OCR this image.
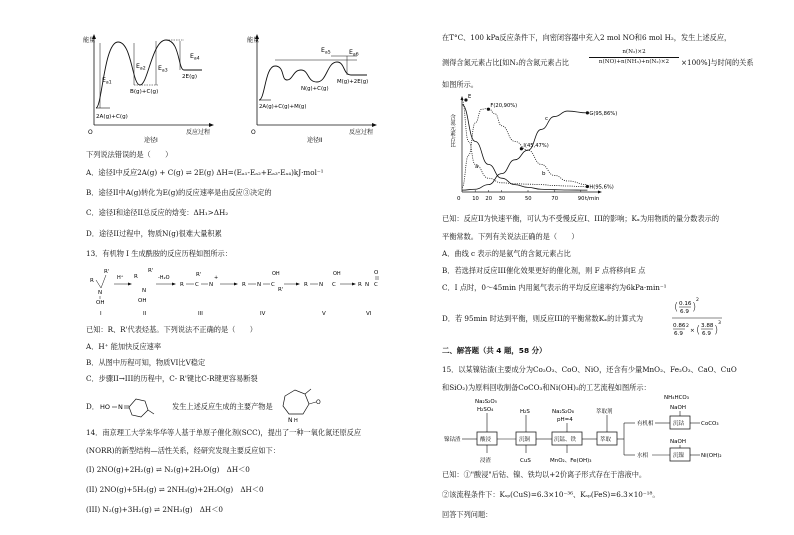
能量
O	反应过程
$E_{a1}$
$E_{a2}$ $E_{a3}$
$E_{a4}$
2A(g)+C(g)
B(g)+C(g)
2E(g)
途径I
能量
O	反应过程
$E_{a5}$	$E_{a6}$
2A(g)+C(g)+M(g)
N(g)+C(g)
M(g)+2E(g)
途径II
下列说法错误的是（　　）
A．途径I中反应2A(g) + C(g) ⇌ 2E(g) ΔH=(Eₐ₁-Eₐ₂+Eₐ₃-Eₐ₄)kJ·mol⁻¹
B．途径II中A(g)转化为E(g)的反应速率是由反应③决定的
C．途径I和途径II总反应的焓变：ΔH₁>ΔH₂
D．途径II过程中，物质N(g)很难大量积累
13．有机物 I 生成酰胺的反应历程如图所示：
R
R'
N
OH
H⁺ R
R'
N
OH
-H₂O
R C N
+
R'
R N C
OH
R'
R N C
OH
R N C
O
I	II	III	IV	V	VI
已知：R、R'代表烃基。下列说法不正确的是（　　）
A．H⁺ 能加快反应速率
B．从图中历程可知，物质VI比V稳定
C．步骤II→III的历程中，C- R'键比C-R键更容易断裂
D． HO N	发生上述反应生成的主要产物是
N H
O
14．南京理工大学朱华华等人基于单原子催化剂(SCC)，提出了一种一氧化氮还原反应
(NORR)的新型结构—活性关系，经研究发现主要反应如下：
(I) 2NO(g)+2H₂(g) ⇌ N₂(g)+2H₂O(g)　ΔH＜0
(II) 2NO(g)+5H₂(g) ⇌ 2NH₃(g)+2H₂O(g)　ΔH＜0
(III) N₂(g)+3H₂(g) ⇌ 2NH₃(g)　ΔH＜0
在T°C、100 kPa反应条件下，向密闭容器中充入2 mol NO和6 mol H₂，发生上述反应，
测得含氮元素占比[如N₂的含氮元素占比	$\frac{\text{n(N₂)×2}}{\text{n(NO)+n(NH₃)+n(N₂)×2}} \times 100\%$]与时间的关系
如图所示。
含氮元素占比
0	t/min
10 20 30	50	70	90
E
F(20,90%)
G(95,86%)
I(45,47%)
H(95,6%)
a
b
c
已知：反应II为快速平衡，可认为不受慢反应I、III的影响；Kₓ为用物质的量分数表示的
平衡常数。下列有关说法正确的是（　　）
A．曲线 c 表示的是氨气的含氮元素占比
B．若选择对反应III催化效果更好的催化剂，则 F 点将移向E 点
C．I 点时，0～45min 内用氮气表示的平均反应速率约为6kPa·min⁻¹
D．若 95min 时达到平衡，则反应III的平衡常数Kₓ的计算式为
( 0.16
6.9 ) 2
0.86
6.9
2
× ( 3.88
6.9 ) 3
二、解答题（共 4 题，58 分）
15．以某镍钴渣(主要成分为Co₂O₃、CoO、NiO，还含有少量MnO₂、Fe₂O₃、CaO、CuO
和SiO₂)为原料回收制备CoCO₃和Ni(OH)₂的工艺流程如图所示：
镍钴渣	酸浸	沉铜	沉锰、铁	萃取
有机相	沉钴	CoCO₃
水相	沉镍	Ni(OH)₂
Na₂S₂O₅
H₂SO₄	H₂S	Na₂S₂O₈
pH=4
萃取剂
NH₄HCO₃
NaOH
NaOH
浸渣	CuS	MnO₂、Fe(OH)₃
已知：①"酸浸"后钴、镍、铁均以+2价离子形式存在于溶液中。
②该流程条件下：Kₛₚ(CuS)=6.3×10⁻³⁶、Kₛₚ(FeS)=6.3×10⁻¹⁸。
回答下列问题：
